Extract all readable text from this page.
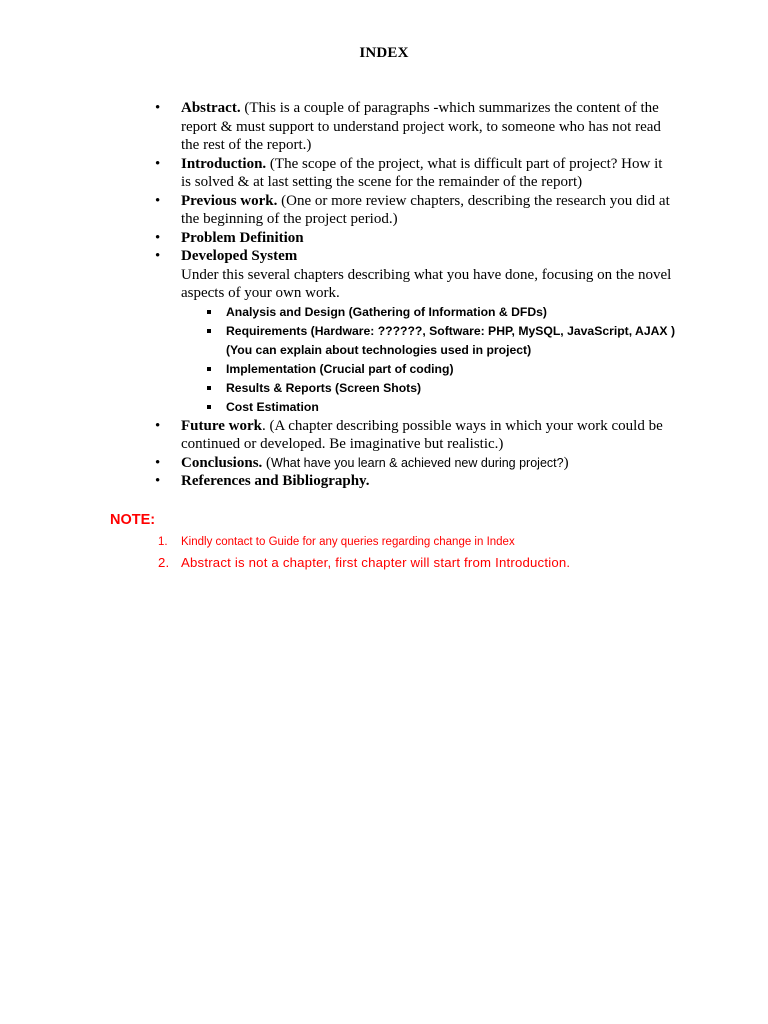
INDEX
•	Abstract. (This is a couple of paragraphs -which summarizes the content of the report & must support to understand project work, to someone who has not read the rest of the report.)
•	Introduction. (The scope of the project, what is difficult part of project? How it is solved & at last setting the scene for the remainder of the report)
•	Previous work. (One or more review chapters, describing the research you did at the beginning of the project period.)
•	Problem Definition
•	Developed System
Under this several chapters describing what you have done, focusing on the novel aspects of your own work.
Analysis and Design (Gathering of Information & DFDs)
Requirements (Hardware: ??????, Software: PHP, MySQL, JavaScript, AJAX )
(You can explain about technologies used in project)
Implementation (Crucial part of coding)
Results & Reports (Screen Shots)
Cost Estimation
•	Future work. (A chapter describing possible ways in which your work could be continued or developed. Be imaginative but realistic.)
•	Conclusions. (What have you learn & achieved new during project?)
•	References and Bibliography.
NOTE:
1. Kindly contact to Guide for any queries regarding change in Index
2. Abstract is not a chapter, first chapter will start from Introduction.
